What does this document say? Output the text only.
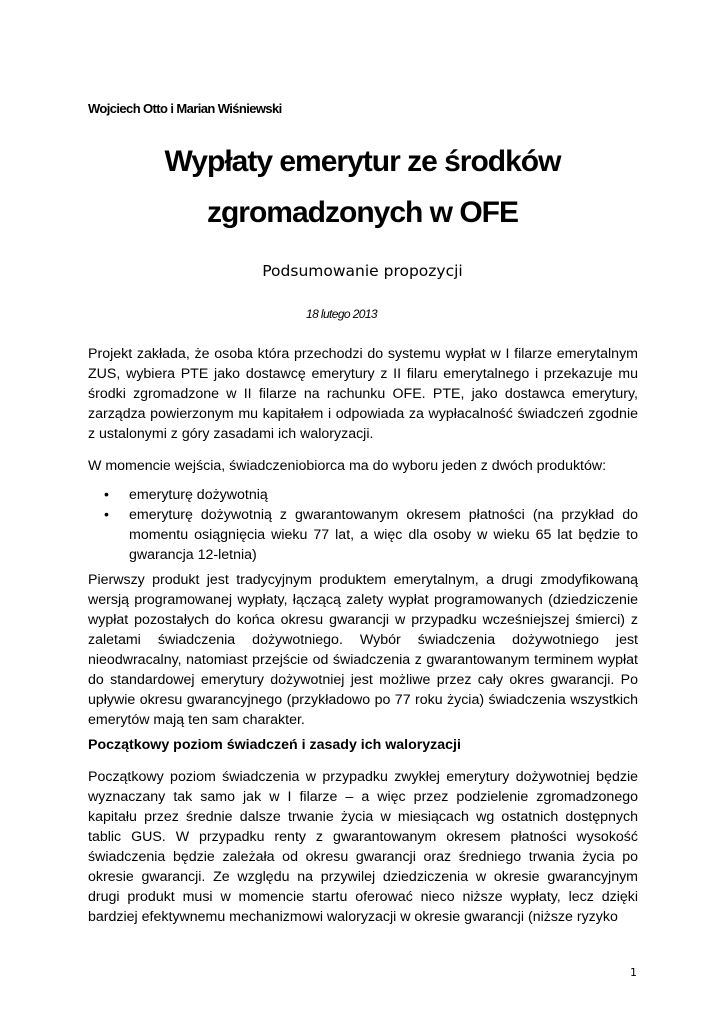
Wojciech Otto i Marian Wiśniewski
Wypłaty emerytur ze środków
zgromadzonych w OFE
Podsumowanie propozycji
18 lutego 2013
Projekt zakłada, że osoba która przechodzi do systemu wypłat w I filarze emerytalnym ZUS, wybiera PTE jako dostawcę emerytury z II filaru emerytalnego i przekazuje mu środki zgromadzone w II filarze na rachunku OFE. PTE, jako dostawca emerytury, zarządza powierzonym mu kapitałem i odpowiada za wypłacalność świadczeń zgodnie z ustalonymi z góry zasadami ich waloryzacji.
W momencie wejścia, świadczeniobiorca ma do wyboru jeden z dwóch produktów:
• emeryturę dożywotnią
• emeryturę dożywotnią z gwarantowanym okresem płatności (na przykład do momentu osiągnięcia wieku 77 lat, a więc dla osoby w wieku 65 lat będzie to gwarancja 12-letnia)
Pierwszy produkt jest tradycyjnym produktem emerytalnym, a drugi zmodyfikowaną wersją programowanej wypłaty, łączącą zalety wypłat programowanych (dziedziczenie wypłat pozostałych do końca okresu gwarancji w przypadku wcześniejszej śmierci) z zaletami świadczenia dożywotniego. Wybór świadczenia dożywotniego jest nieodwracalny, natomiast przejście od świadczenia z gwarantowanym terminem wypłat do standardowej emerytury dożywotniej jest możliwe przez cały okres gwarancji. Po upływie okresu gwarancyjnego (przykładowo po 77 roku życia) świadczenia wszystkich emerytów mają ten sam charakter.
Początkowy poziom świadczeń i zasady ich waloryzacji
Początkowy poziom świadczenia w przypadku zwykłej emerytury dożywotniej będzie wyznaczany tak samo jak w I filarze – a więc przez podzielenie zgromadzonego kapitału przez średnie dalsze trwanie życia w miesiącach wg ostatnich dostępnych tablic GUS. W przypadku renty z gwarantowanym okresem płatności wysokość świadczenia będzie zależała od okresu gwarancji oraz średniego trwania życia po okresie gwarancji. Ze względu na przywilej dziedziczenia w okresie gwarancyjnym drugi produkt musi w momencie startu oferować nieco niższe wypłaty, lecz dzięki bardziej efektywnemu mechanizmowi waloryzacji w okresie gwarancji (niższe ryzyko
1
